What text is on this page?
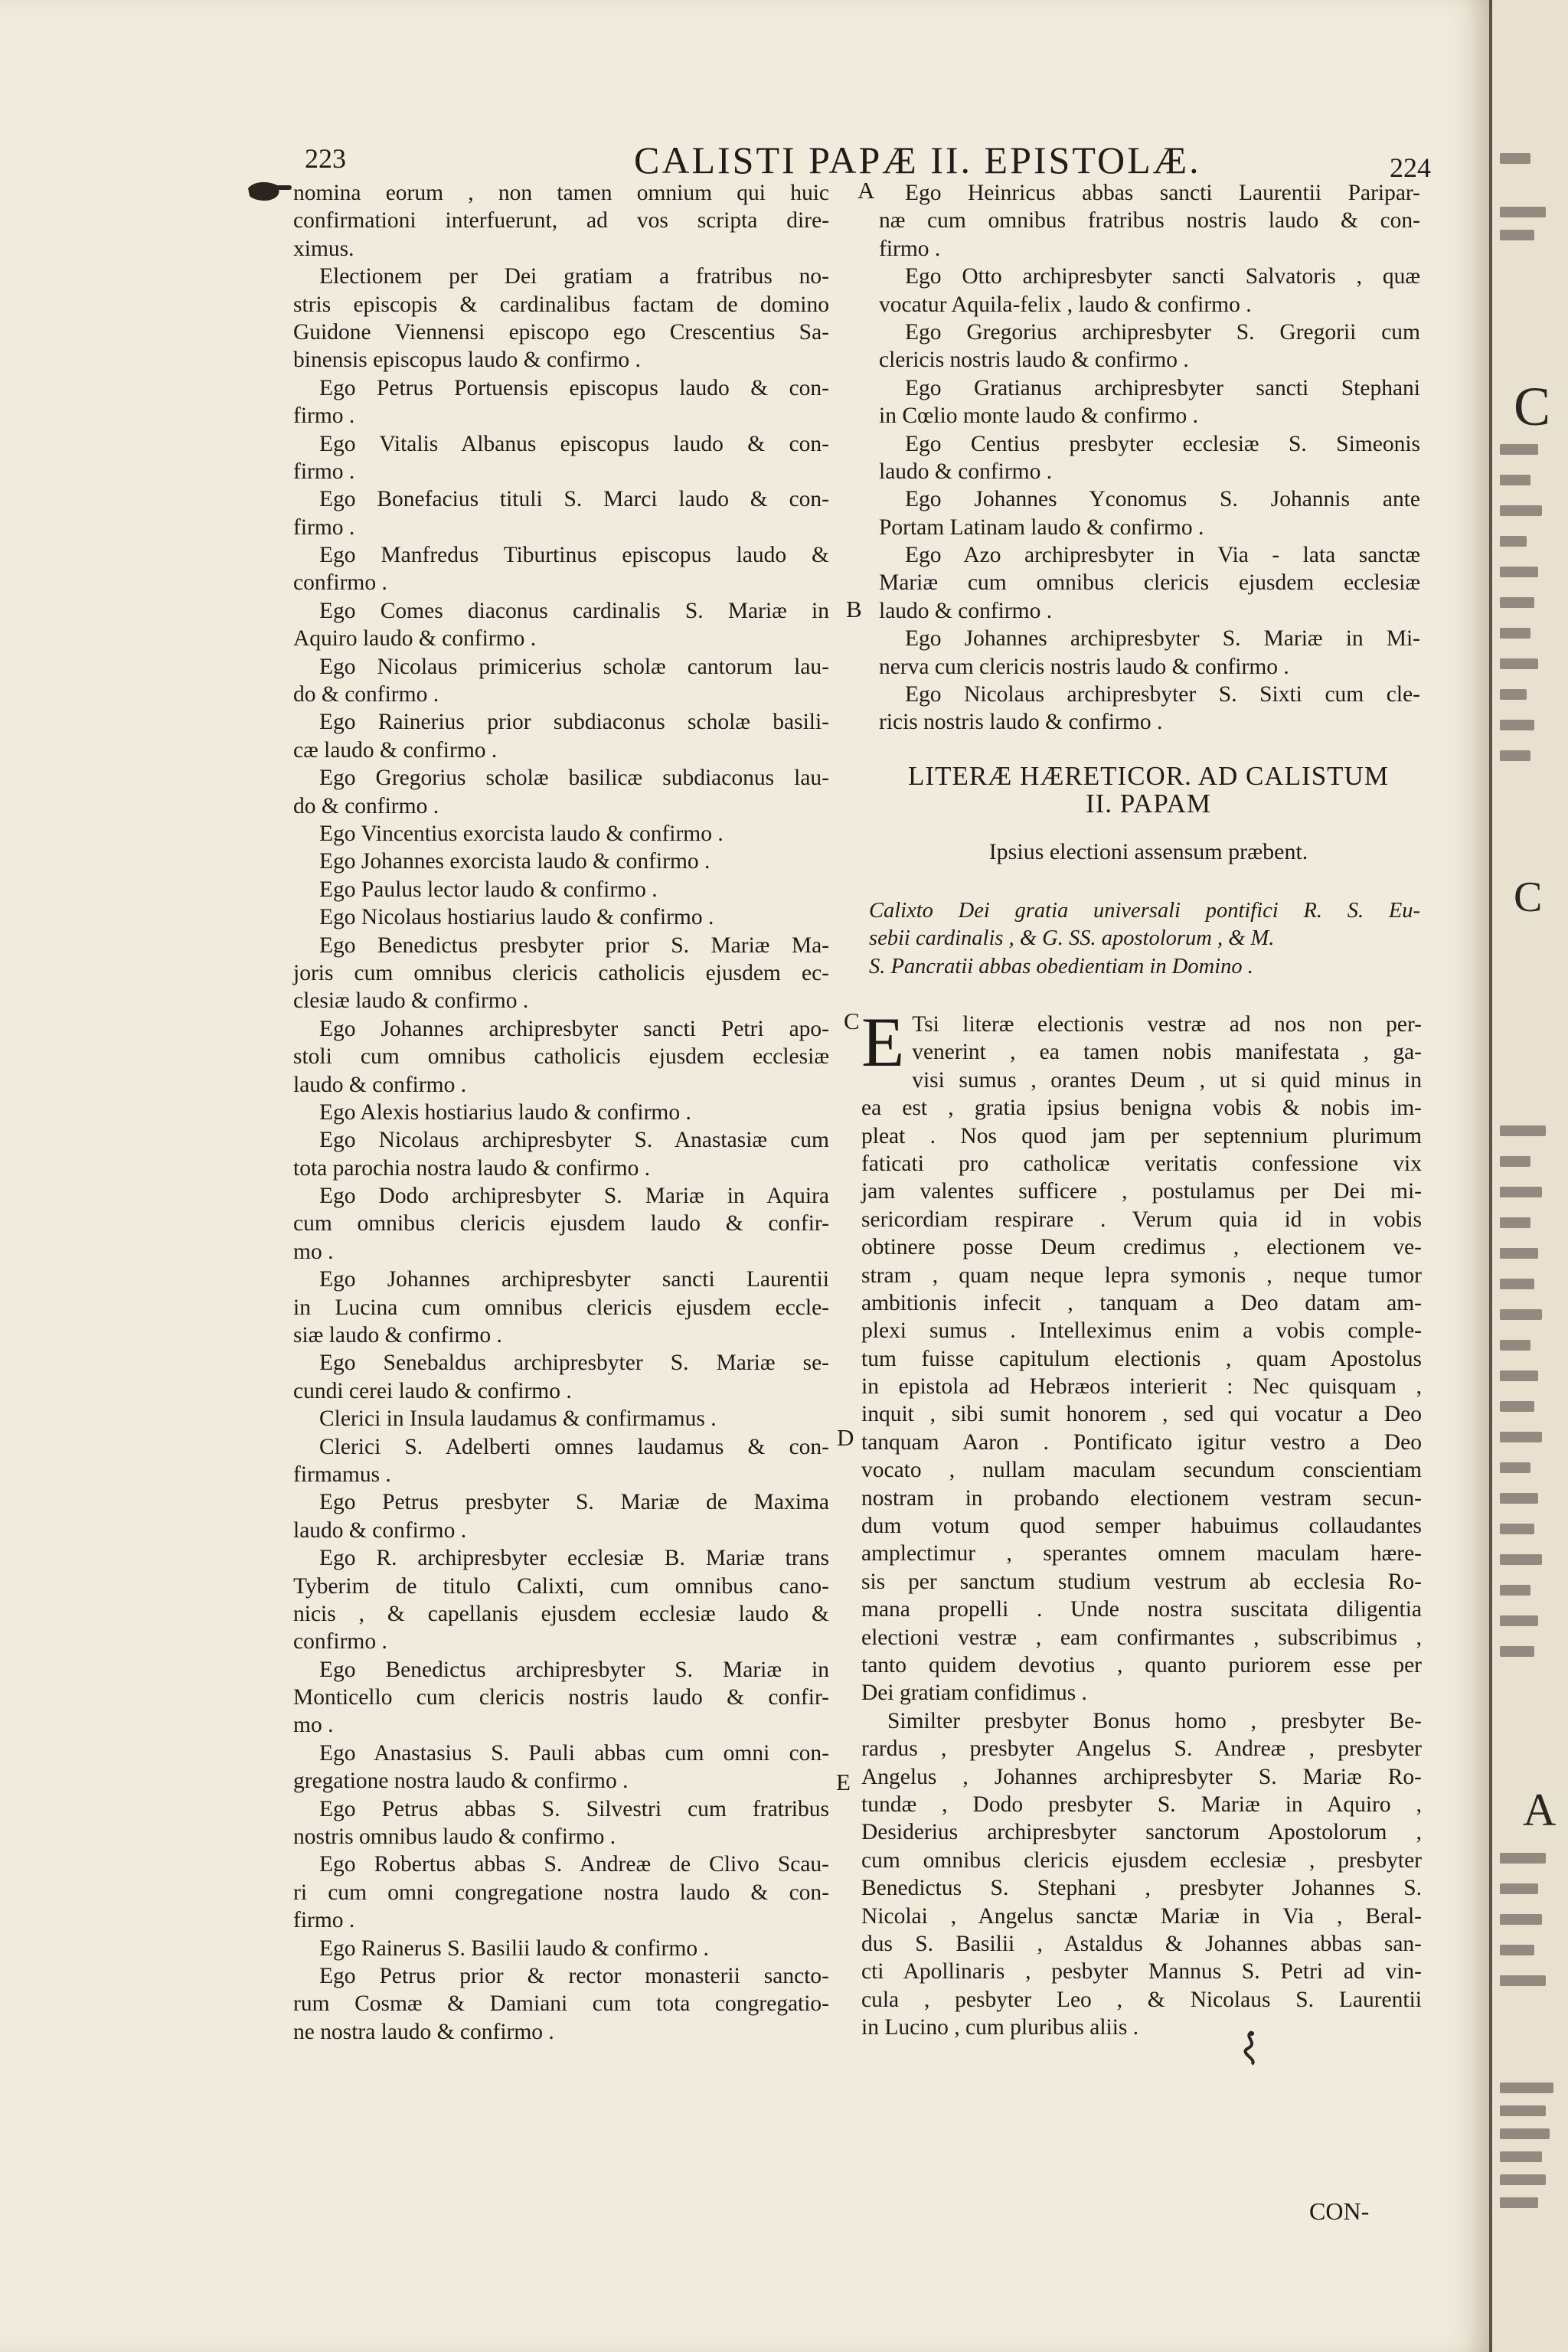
223	CALISTI PAPÆ II. EPISTOLÆ.	224
nomina eorum , non tamen omnium qui huic
confirmationi interfuerunt, ad vos scripta dire-
ximus.
Electionem per Dei gratiam a fratribus no-
stris episcopis & cardinalibus factam de domino
Guidone Viennensi episcopo ego Crescentius Sa-
binensis episcopus laudo & confirmo .
Ego Petrus Portuensis episcopus laudo & con-
firmo .
Ego Vitalis Albanus episcopus laudo & con-
firmo .
Ego Bonefacius tituli S. Marci laudo & con-
firmo .
Ego Manfredus Tiburtinus episcopus laudo &
confirmo .
Ego Comes diaconus cardinalis S. Mariæ in
Aquiro laudo & confirmo .
Ego Nicolaus primicerius scholæ cantorum lau-
do & confirmo .
Ego Rainerius prior subdiaconus scholæ basili-
cæ laudo & confirmo .
Ego Gregorius scholæ basilicæ subdiaconus lau-
do & confirmo .
Ego Vincentius exorcista laudo & confirmo .
Ego Johannes exorcista laudo & confirmo .
Ego Paulus lector laudo & confirmo .
Ego Nicolaus hostiarius laudo & confirmo .
Ego Benedictus presbyter prior S. Mariæ Ma-
joris cum omnibus clericis catholicis ejusdem ec-
clesiæ laudo & confirmo .
Ego Johannes archipresbyter sancti Petri apo-
stoli cum omnibus catholicis ejusdem ecclesiæ
laudo & confirmo .
Ego Alexis hostiarius laudo & confirmo .
Ego Nicolaus archipresbyter S. Anastasiæ cum
tota parochia nostra laudo & confirmo .
Ego Dodo archipresbyter S. Mariæ in Aquira
cum omnibus clericis ejusdem laudo & confir-
mo .
Ego Johannes archipresbyter sancti Laurentii
in Lucina cum omnibus clericis ejusdem eccle-
siæ laudo & confirmo .
Ego Senebaldus archipresbyter S. Mariæ se-
cundi cerei laudo & confirmo .
Clerici in Insula laudamus & confirmamus .
Clerici S. Adelberti omnes laudamus & con-
firmamus .
Ego Petrus presbyter S. Mariæ de Maxima
laudo & confirmo .
Ego R. archipresbyter ecclesiæ B. Mariæ trans
Tyberim de titulo Calixti, cum omnibus cano-
nicis , & capellanis ejusdem ecclesiæ laudo &
confirmo .
Ego Benedictus archipresbyter S. Mariæ in
Monticello cum clericis nostris laudo & confir-
mo .
Ego Anastasius S. Pauli abbas cum omni con-
gregatione nostra laudo & confirmo .
Ego Petrus abbas S. Silvestri cum fratribus
nostris omnibus laudo & confirmo .
Ego Robertus abbas S. Andreæ de Clivo Scau-
ri cum omni congregatione nostra laudo & con-
firmo .
Ego Rainerus S. Basilii laudo & confirmo .
Ego Petrus prior & rector monasterii sancto-
rum Cosmæ & Damiani cum tota congregatio-
ne nostra laudo & confirmo .
A
B
C
D
E
Ego Heinricus abbas sancti Laurentii Paripar-
næ cum omnibus fratribus nostris laudo & con-
firmo .
Ego Otto archipresbyter sancti Salvatoris , quæ
vocatur Aquila-felix , laudo & confirmo .
Ego Gregorius archipresbyter S. Gregorii cum
clericis nostris laudo & confirmo .
Ego Gratianus archipresbyter sancti Stephani
in Cœlio monte laudo & confirmo .
Ego Centius presbyter ecclesiæ S. Simeonis
laudo & confirmo .
Ego Johannes Yconomus S. Johannis ante
Portam Latinam laudo & confirmo .
Ego Azo archipresbyter in Via - lata sanctæ
Mariæ cum omnibus clericis ejusdem ecclesiæ
laudo & confirmo .
Ego Johannes archipresbyter S. Mariæ in Mi-
nerva cum clericis nostris laudo & confirmo .
Ego Nicolaus archipresbyter S. Sixti cum cle-
ricis nostris laudo & confirmo .
LITERÆ HÆRETICOR. AD CALISTUM
II. PAPAM
Ipsius electioni assensum præbent.
Calixto Dei gratia universali pontifici R. S. Eu-
sebii cardinalis , & G. SS. apostolorum , & M.
S. Pancratii abbas obedientiam in Domino .
E Tsi literæ electionis vestræ ad nos non per-
venerint , ea tamen nobis manifestata , ga-
visi sumus , orantes Deum , ut si quid minus in
ea est , gratia ipsius benigna vobis & nobis im-
pleat . Nos quod jam per septennium plurimum
faticati pro catholicæ veritatis confessione vix
jam valentes sufficere , postulamus per Dei mi-
sericordiam respirare . Verum quia id in vobis
obtinere posse Deum credimus , electionem ve-
stram , quam neque lepra symonis , neque tumor
ambitionis infecit , tanquam a Deo datam am-
plexi sumus . Intelleximus enim a vobis comple-
tum fuisse capitulum electionis , quam Apostolus
in epistola ad Hebræos interierit : Nec quisquam ,
inquit , sibi sumit honorem , sed qui vocatur a Deo
tanquam Aaron . Pontificato igitur vestro a Deo
vocato , nullam maculam secundum conscientiam
nostram in probando electionem vestram secun-
dum votum quod semper habuimus collaudantes
amplectimur , sperantes omnem maculam hære-
sis per sanctum studium vestrum ab ecclesia Ro-
mana propelli . Unde nostra suscitata diligentia
electioni vestræ , eam confirmantes , subscribimus ,
tanto quidem devotius , quanto puriorem esse per
Dei gratiam confidimus .
Similter presbyter Bonus homo , presbyter Be-
rardus , presbyter Angelus S. Andreæ , presbyter
Angelus , Johannes archipresbyter S. Mariæ Ro-
tundæ , Dodo presbyter S. Mariæ in Aquiro ,
Desiderius archipresbyter sanctorum Apostolorum ,
cum omnibus clericis ejusdem ecclesiæ , presbyter
Benedictus S. Stephani , presbyter Johannes S.
Nicolai , Angelus sanctæ Mariæ in Via , Beral-
dus S. Basilii , Astaldus & Johannes abbas san-
cti Apollinaris , pesbyter Mannus S. Petri ad vin-
cula , pesbyter Leo , & Nicolaus S. Laurentii
in Lucino , cum pluribus aliis .
CON-
C
C
A
